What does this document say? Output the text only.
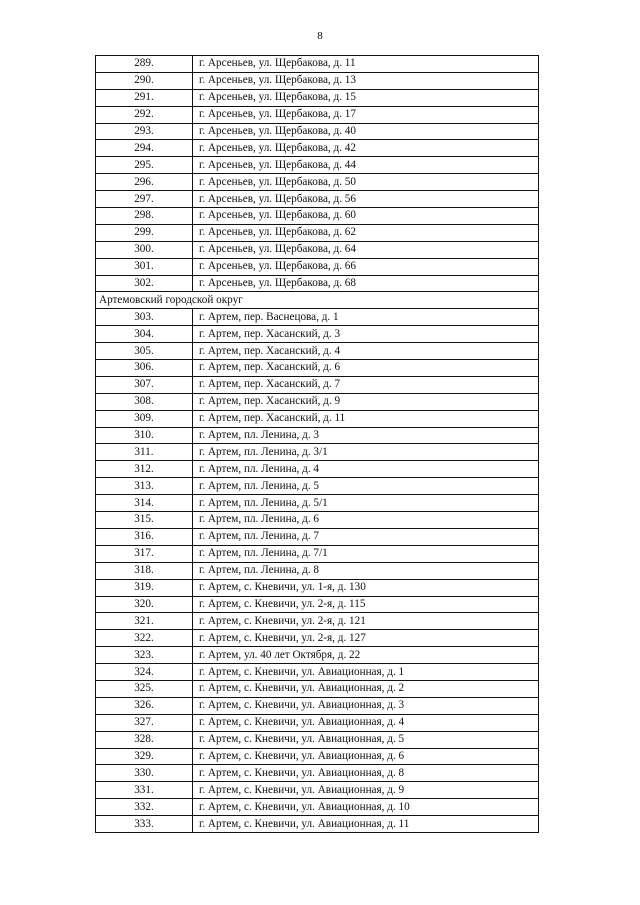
8
289.	г. Арсеньев, ул. Щербакова, д. 11
290.	г. Арсеньев, ул. Щербакова, д. 13
291.	г. Арсеньев, ул. Щербакова, д. 15
292.	г. Арсеньев, ул. Щербакова, д. 17
293.	г. Арсеньев, ул. Щербакова, д. 40
294.	г. Арсеньев, ул. Щербакова, д. 42
295.	г. Арсеньев, ул. Щербакова, д. 44
296.	г. Арсеньев, ул. Щербакова, д. 50
297.	г. Арсеньев, ул. Щербакова, д. 56
298.	г. Арсеньев, ул. Щербакова, д. 60
299.	г. Арсеньев, ул. Щербакова, д. 62
300.	г. Арсеньев, ул. Щербакова, д. 64
301.	г. Арсеньев, ул. Щербакова, д. 66
302.	г. Арсеньев, ул. Щербакова, д. 68
Артемовский городской округ	
303.	г. Артем, пер. Васнецова, д. 1
304.	г. Артем, пер. Хасанский, д. 3
305.	г. Артем, пер. Хасанский, д. 4
306.	г. Артем, пер. Хасанский, д. 6
307.	г. Артем, пер. Хасанский, д. 7
308.	г. Артем, пер. Хасанский, д. 9
309.	г. Артем, пер. Хасанский, д. 11
310.	г. Артем, пл. Ленина, д. 3
311.	г. Артем, пл. Ленина, д. 3/1
312.	г. Артем, пл. Ленина, д. 4
313.	г. Артем, пл. Ленина, д. 5
314.	г. Артем, пл. Ленина, д. 5/1
315.	г. Артем, пл. Ленина, д. 6
316.	г. Артем, пл. Ленина, д. 7
317.	г. Артем, пл. Ленина, д. 7/1
318.	г. Артем, пл. Ленина, д. 8
319.	г. Артем, с. Кневичи, ул. 1-я, д. 130
320.	г. Артем, с. Кневичи, ул. 2-я, д. 115
321.	г. Артем, с. Кневичи, ул. 2-я, д. 121
322.	г. Артем, с. Кневичи, ул. 2-я, д. 127
323.	г. Артем, ул. 40 лет Октября, д. 22
324.	г. Артем, с. Кневичи, ул. Авиационная, д. 1
325.	г. Артем, с. Кневичи, ул. Авиационная, д. 2
326.	г. Артем, с. Кневичи, ул. Авиационная, д. 3
327.	г. Артем, с. Кневичи, ул. Авиационная, д. 4
328.	г. Артем, с. Кневичи, ул. Авиационная, д. 5
329.	г. Артем, с. Кневичи, ул. Авиационная, д. 6
330.	г. Артем, с. Кневичи, ул. Авиационная, д. 8
331.	г. Артем, с. Кневичи, ул. Авиационная, д. 9
332.	г. Артем, с. Кневичи, ул. Авиационная, д. 10
333.	г. Артем, с. Кневичи, ул. Авиационная, д. 11
